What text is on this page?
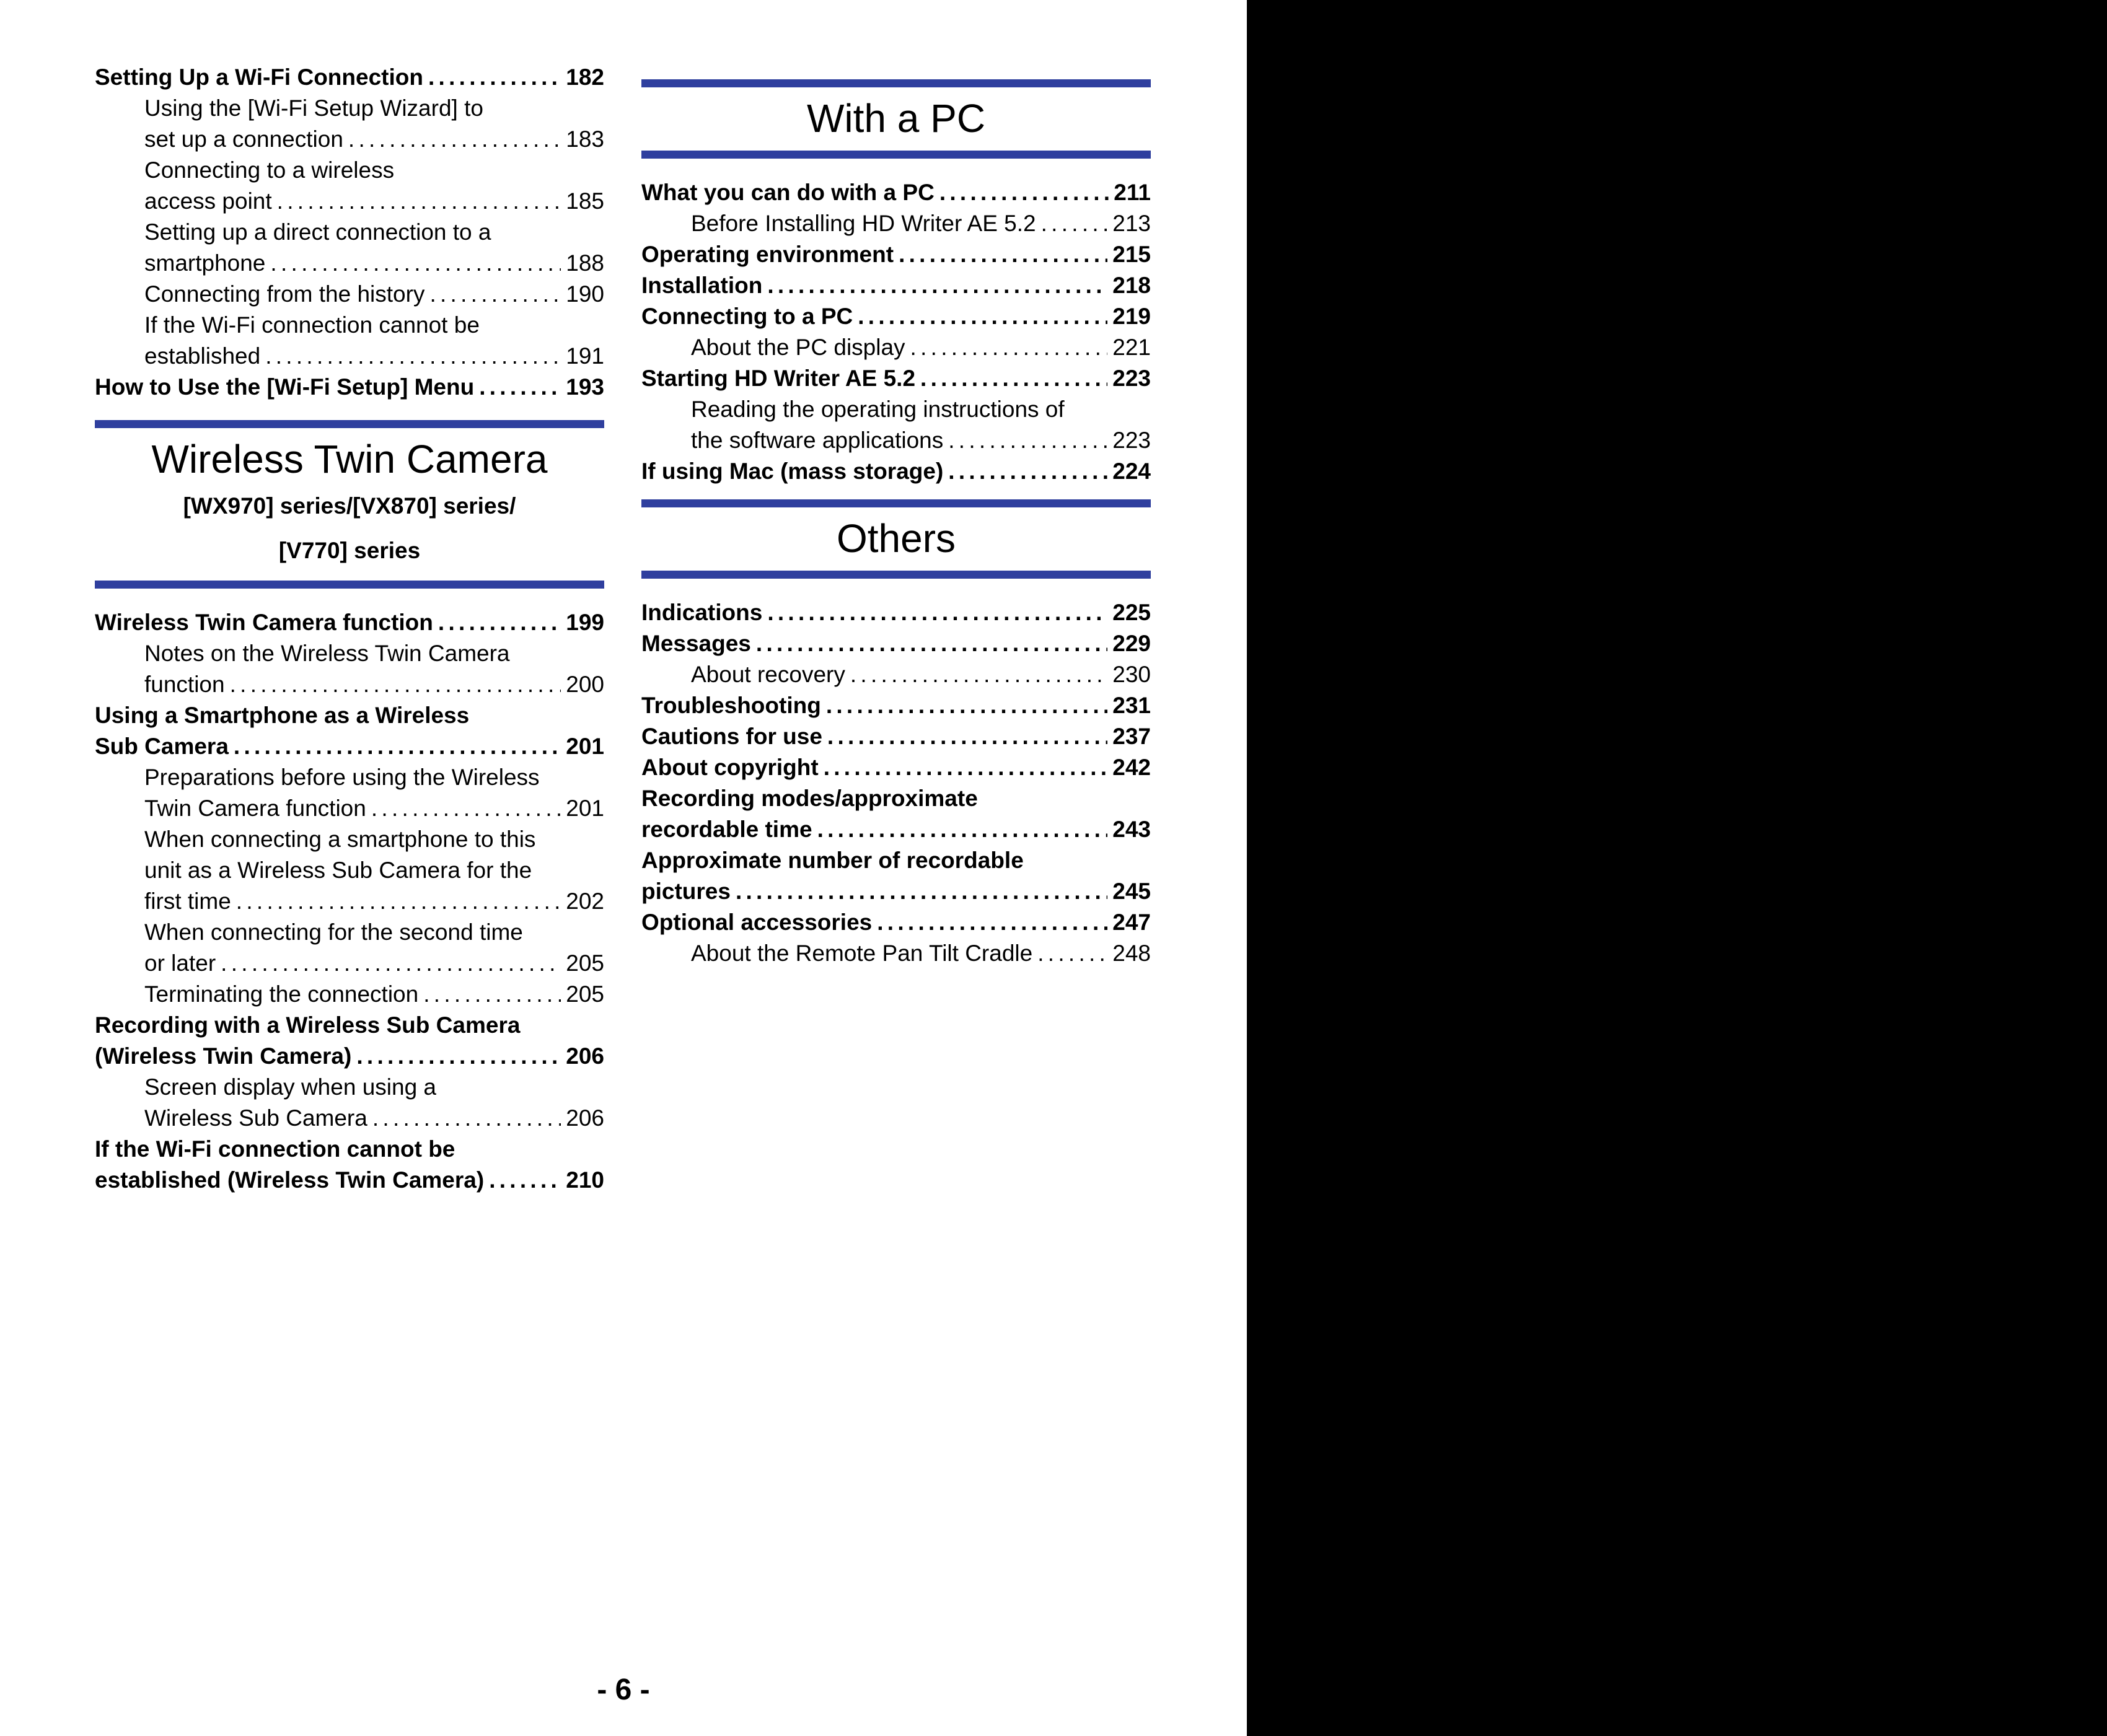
Setting Up a Wi-Fi Connection . . .	182
Using the [Wi-Fi Setup Wizard] to
set up a connection . . .	183
Connecting to a wireless
access point . . .	185
Setting up a direct connection to a
smartphone . . .	188
Connecting from the history . . .	190
If the Wi-Fi connection cannot be
established . . .	191
How to Use the [Wi-Fi Setup] Menu . . .	193
Wireless Twin Camera
[WX970] series/[VX870] series/
[V770] series
Wireless Twin Camera function . . .	199
Notes on the Wireless Twin Camera
function . . .	200
Using a Smartphone as a Wireless
Sub Camera . . .	201
Preparations before using the Wireless
Twin Camera function . . .	201
When connecting a smartphone to this
unit as a Wireless Sub Camera for the
first time . . .	202
When connecting for the second time
or later . . .	205
Terminating the connection . . .	205
Recording with a Wireless Sub Camera
(Wireless Twin Camera) . . .	206
Screen display when using a
Wireless Sub Camera . . .	206
If the Wi-Fi connection cannot be
established (Wireless Twin Camera) . . .	210
With a PC
What you can do with a PC . . .	211
Before Installing HD Writer AE 5.2 . . .	213
Operating environment . . .	215
Installation . . .	218
Connecting to a PC . . .	219
About the PC display . . .	221
Starting HD Writer AE 5.2 . . .	223
Reading the operating instructions of
the software applications . . .	223
If using Mac (mass storage) . . .	224
Others
Indications . . .	225
Messages . . .	229
About recovery . . .	230
Troubleshooting . . .	231
Cautions for use . . .	237
About copyright . . .	242
Recording modes/approximate
recordable time . . .	243
Approximate number of recordable
pictures . . .	245
Optional accessories . . .	247
About the Remote Pan Tilt Cradle . . .	248
- 6 -
